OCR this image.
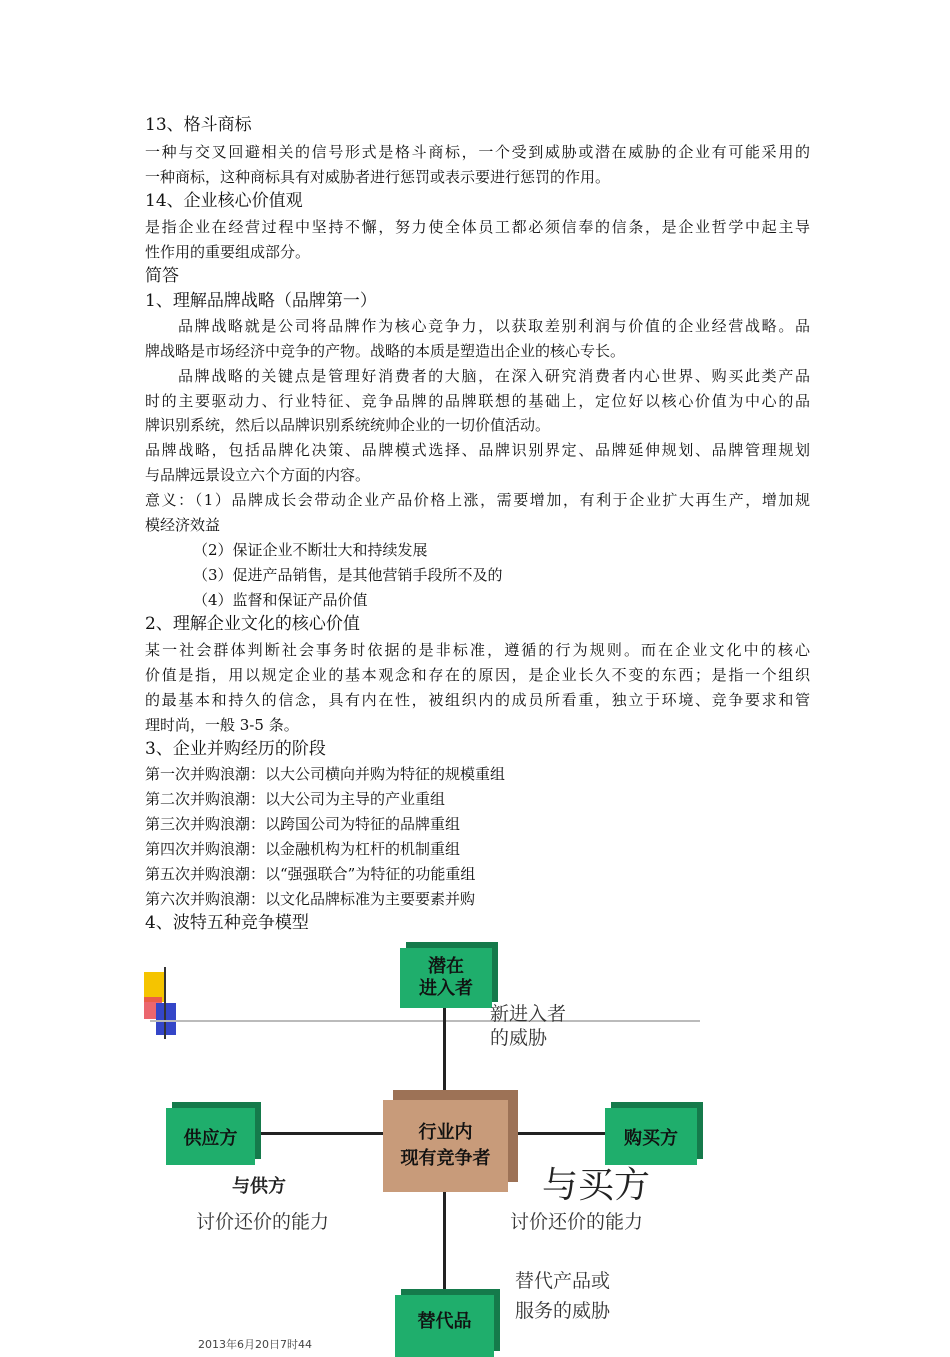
13、格斗商标
一种与交叉回避相关的信号形式是格斗商标，一个受到威胁或潜在威胁的企业有可能采用的
一种商标，这种商标具有对威胁者进行惩罚或表示要进行惩罚的作用。
14、企业核心价值观
是指企业在经营过程中坚持不懈，努力使全体员工都必须信奉的信条，是企业哲学中起主导
性作用的重要组成部分。
简答
1、理解品牌战略（品牌第一）
品牌战略就是公司将品牌作为核心竞争力，以获取差别利润与价值的企业经营战略。品
牌战略是市场经济中竞争的产物。战略的本质是塑造出企业的核心专长。
品牌战略的关键点是管理好消费者的大脑，在深入研究消费者内心世界、购买此类产品
时的主要驱动力、行业特征、竞争品牌的品牌联想的基础上，定位好以核心价值为中心的品
牌识别系统，然后以品牌识别系统统帅企业的一切价值活动。
品牌战略，包括品牌化决策、品牌模式选择、品牌识别界定、品牌延伸规划、品牌管理规划
与品牌远景设立六个方面的内容。
意义：（1）品牌成长会带动企业产品价格上涨，需要增加，有利于企业扩大再生产，增加规
模经济效益
（2）保证企业不断壮大和持续发展
（3）促进产品销售，是其他营销手段所不及的
（4）监督和保证产品价值
2、理解企业文化的核心价值
某一社会群体判断社会事务时依据的是非标准，遵循的行为规则。而在企业文化中的核心
价值是指，用以规定企业的基本观念和存在的原因，是企业长久不变的东西；是指一个组织
的最基本和持久的信念，具有内在性，被组织内的成员所看重，独立于环境、竞争要求和管
理时尚，一般 3-5 条。
3、企业并购经历的阶段
第一次并购浪潮：以大公司横向并购为特征的规模重组
第二次并购浪潮：以大公司为主导的产业重组
第三次并购浪潮：以跨国公司为特征的品牌重组
第四次并购浪潮：以金融机构为杠杆的机制重组
第五次并购浪潮：以“强强联合”为特征的功能重组
第六次并购浪潮：以文化品牌标准为主要要素并购
4、波特五种竞争模型
潜在
进入者
行业内
现有竞争者
供应方	购买方
替代品
新进入者
的威胁
与供方
讨价还价的能力
与买方
讨价还价的能力
替代产品或
服务的威胁
2013年6月20日7时44
